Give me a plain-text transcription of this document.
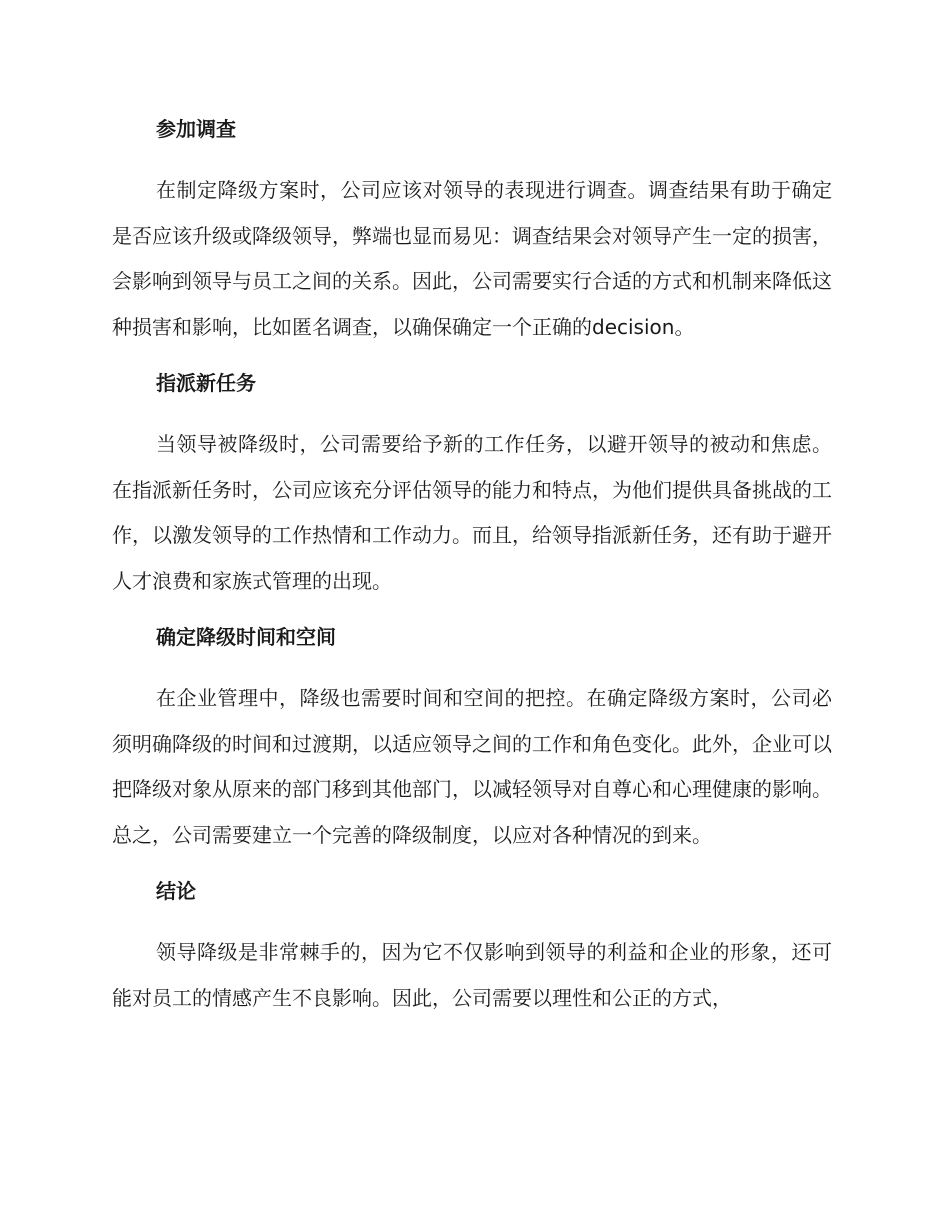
参加调查

在制定降级方案时，公司应该对领导的表现进行调查。调查结果有助于确定是否应该升级或降级领导，弊端也显而易见：调查结果会对领导产生一定的损害，会影响到领导与员工之间的关系。因此，公司需要实行合适的方式和机制来降低这种损害和影响，比如匿名调查，以确保确定一个正确的decision。

指派新任务

当领导被降级时，公司需要给予新的工作任务，以避开领导的被动和焦虑。在指派新任务时，公司应该充分评估领导的能力和特点，为他们提供具备挑战的工作，以激发领导的工作热情和工作动力。而且，给领导指派新任务，还有助于避开人才浪费和家族式管理的出现。

确定降级时间和空间

在企业管理中，降级也需要时间和空间的把控。在确定降级方案时，公司必须明确降级的时间和过渡期，以适应领导之间的工作和角色变化。此外，企业可以把降级对象从原来的部门移到其他部门，以减轻领导对自尊心和心理健康的影响。总之，公司需要建立一个完善的降级制度，以应对各种情况的到来。

结论

领导降级是非常棘手的，因为它不仅影响到领导的利益和企业的形象，还可能对员工的情感产生不良影响。因此，公司需要以理性和公正的方式，
